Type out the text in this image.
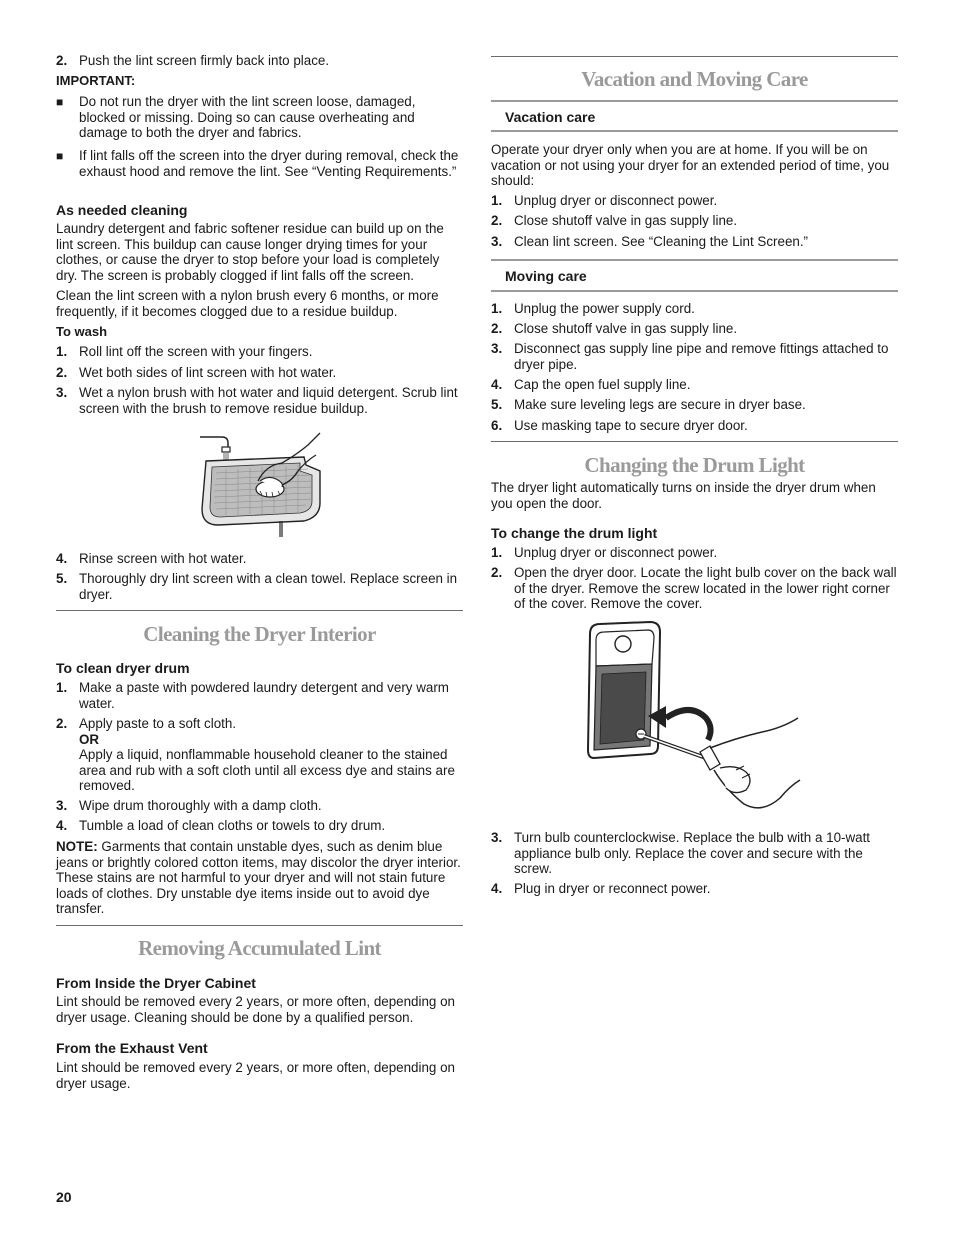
2. Push the lint screen firmly back into place.
IMPORTANT:
■ Do not run the dryer with the lint screen loose, damaged, blocked or missing. Doing so can cause overheating and damage to both the dryer and fabrics.
■ If lint falls off the screen into the dryer during removal, check the exhaust hood and remove the lint. See “Venting Requirements.”
As needed cleaning
Laundry detergent and fabric softener residue can build up on the lint screen. This buildup can cause longer drying times for your clothes, or cause the dryer to stop before your load is completely dry. The screen is probably clogged if lint falls off the screen.
Clean the lint screen with a nylon brush every 6 months, or more frequently, if it becomes clogged due to a residue buildup.
To wash
1. Roll lint off the screen with your fingers.
2. Wet both sides of lint screen with hot water.
3. Wet a nylon brush with hot water and liquid detergent. Scrub lint screen with the brush to remove residue buildup.
4. Rinse screen with hot water.
5. Thoroughly dry lint screen with a clean towel. Replace screen in dryer.
Cleaning the Dryer Interior
To clean dryer drum
1. Make a paste with powdered laundry detergent and very warm water.
2. Apply paste to a soft cloth.
OR
Apply a liquid, nonflammable household cleaner to the stained area and rub with a soft cloth until all excess dye and stains are removed.
3. Wipe drum thoroughly with a damp cloth.
4. Tumble a load of clean cloths or towels to dry drum.
NOTE: Garments that contain unstable dyes, such as denim blue jeans or brightly colored cotton items, may discolor the dryer interior. These stains are not harmful to your dryer and will not stain future loads of clothes. Dry unstable dye items inside out to avoid dye transfer.
Removing Accumulated Lint
From Inside the Dryer Cabinet
Lint should be removed every 2 years, or more often, depending on dryer usage. Cleaning should be done by a qualified person.
From the Exhaust Vent
Lint should be removed every 2 years, or more often, depending on dryer usage.
Vacation and Moving Care
Vacation care
Operate your dryer only when you are at home. If you will be on vacation or not using your dryer for an extended period of time, you should:
1. Unplug dryer or disconnect power.
2. Close shutoff valve in gas supply line.
3. Clean lint screen. See “Cleaning the Lint Screen.”
Moving care
1. Unplug the power supply cord.
2. Close shutoff valve in gas supply line.
3. Disconnect gas supply line pipe and remove fittings attached to dryer pipe.
4. Cap the open fuel supply line.
5. Make sure leveling legs are secure in dryer base.
6. Use masking tape to secure dryer door.
Changing the Drum Light
The dryer light automatically turns on inside the dryer drum when you open the door.
To change the drum light
1. Unplug dryer or disconnect power.
2. Open the dryer door. Locate the light bulb cover on the back wall of the dryer. Remove the screw located in the lower right corner of the cover. Remove the cover.
3. Turn bulb counterclockwise. Replace the bulb with a 10-watt appliance bulb only. Replace the cover and secure with the screw.
4. Plug in dryer or reconnect power.
20
